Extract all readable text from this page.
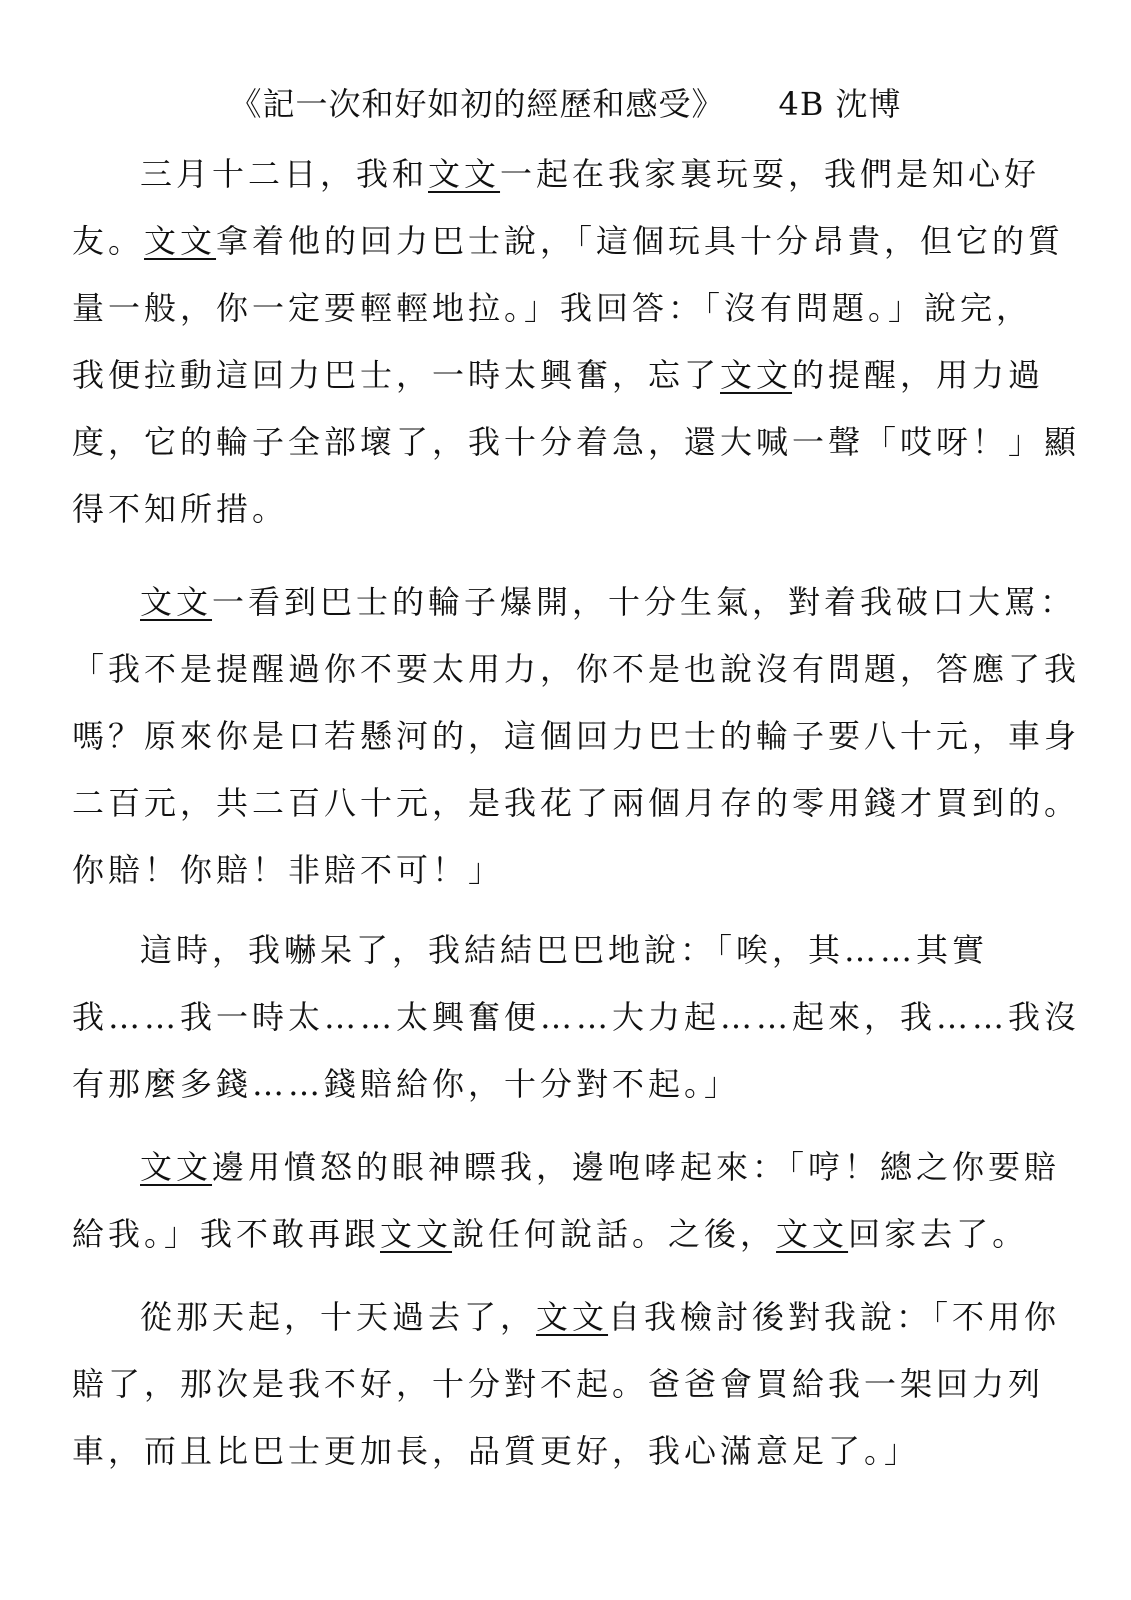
《記一次和好如初的經歷和感受》 4B 沈博
三月十二日，我和文文一起在我家裏玩耍，我們是知心好
友。文文拿着他的回力巴士說，「這個玩具十分昂貴，但它的質
量一般，你一定要輕輕地拉。」我回答：「沒有問題。」說完，
我便拉動這回力巴士，一時太興奮，忘了文文的提醒，用力過
度，它的輪子全部壞了，我十分着急，還大喊一聲「哎呀！」顯
得不知所措。
文文一看到巴士的輪子爆開，十分生氣，對着我破口大罵：
「我不是提醒過你不要太用力，你不是也說沒有問題，答應了我
嗎？原來你是口若懸河的，這個回力巴士的輪子要八十元，車身
二百元，共二百八十元，是我花了兩個月存的零用錢才買到的。
你賠！你賠！非賠不可！」
這時，我嚇呆了，我結結巴巴地說：「唉，其……其實
我……我一時太……太興奮便……大力起……起來，我……我沒
有那麼多錢……錢賠給你，十分對不起。」
文文邊用憤怒的眼神瞟我，邊咆哮起來：「哼！總之你要賠
給我。」我不敢再跟文文說任何說話。之後，文文回家去了。
從那天起，十天過去了，文文自我檢討後對我說：「不用你
賠了，那次是我不好，十分對不起。爸爸會買給我一架回力列
車，而且比巴士更加長，品質更好，我心滿意足了。」
